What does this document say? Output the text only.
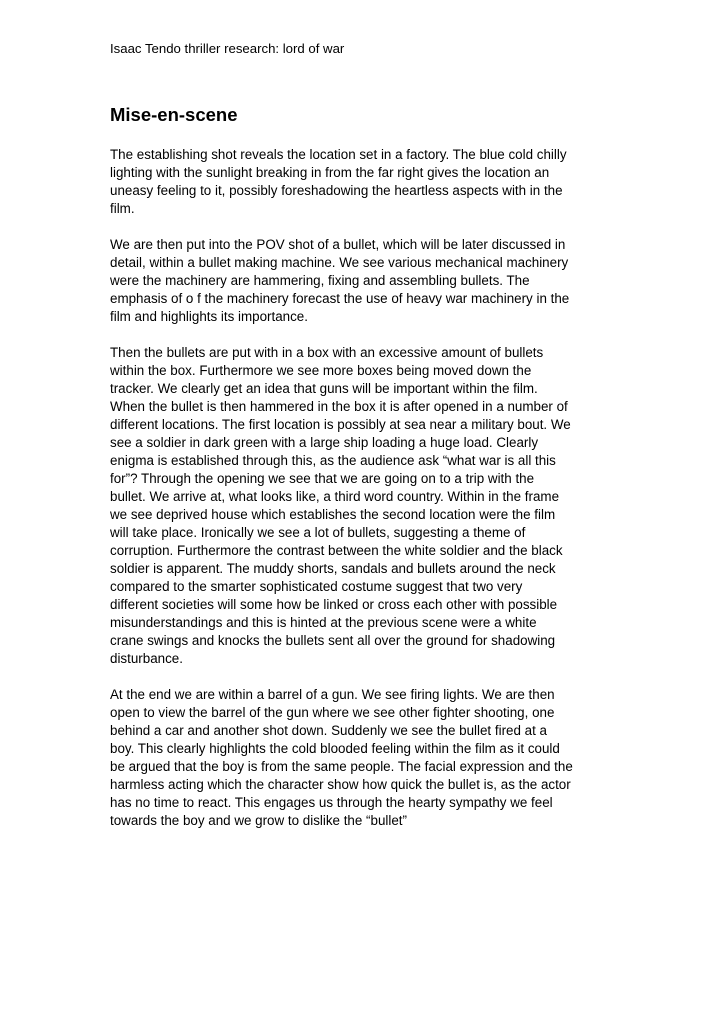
Isaac Tendo thriller research: lord of war
Mise-en-scene
The establishing shot reveals the location set in a factory. The blue cold chilly
lighting with the sunlight breaking in from the far right gives the location an
uneasy feeling to it, possibly foreshadowing the heartless aspects with in the
film.
We are then put into the POV shot of a bullet, which will be later discussed in
detail, within a bullet making machine. We see various mechanical machinery
were the machinery are hammering, fixing and assembling bullets. The
emphasis of o f the machinery forecast the use of heavy war machinery in the
film and highlights its importance.
Then the bullets are put with in a box with an excessive amount of bullets
within the box. Furthermore we see more boxes being moved down the
tracker. We clearly get an idea that guns will be important within the film.
When the bullet is then hammered in the box it is after opened in a number of
different locations. The first location is possibly at sea near a military bout. We
see a soldier in dark green with a large ship loading a huge load. Clearly
enigma is established through this, as the audience ask “what war is all this
for”? Through the opening we see that we are going on to a trip with the
bullet. We arrive at, what looks like, a third word country. Within in the frame
we see deprived house which establishes the second location were the film
will take place. Ironically we see a lot of bullets, suggesting a theme of
corruption. Furthermore the contrast between the white soldier and the black
soldier is apparent. The muddy shorts, sandals and bullets around the neck
compared to the smarter sophisticated costume suggest that two very
different societies will some how be linked or cross each other with possible
misunderstandings and this is hinted at the previous scene were a white
crane swings and knocks the bullets sent all over the ground for shadowing
disturbance.
At the end we are within a barrel of a gun. We see firing lights. We are then
open to view the barrel of the gun where we see other fighter shooting, one
behind a car and another shot down. Suddenly we see the bullet fired at a
boy. This clearly highlights the cold blooded feeling within the film as it could
be argued that the boy is from the same people. The facial expression and the
harmless acting which the character show how quick the bullet is, as the actor
has no time to react. This engages us through the hearty sympathy we feel
towards the boy and we grow to dislike the “bullet”
